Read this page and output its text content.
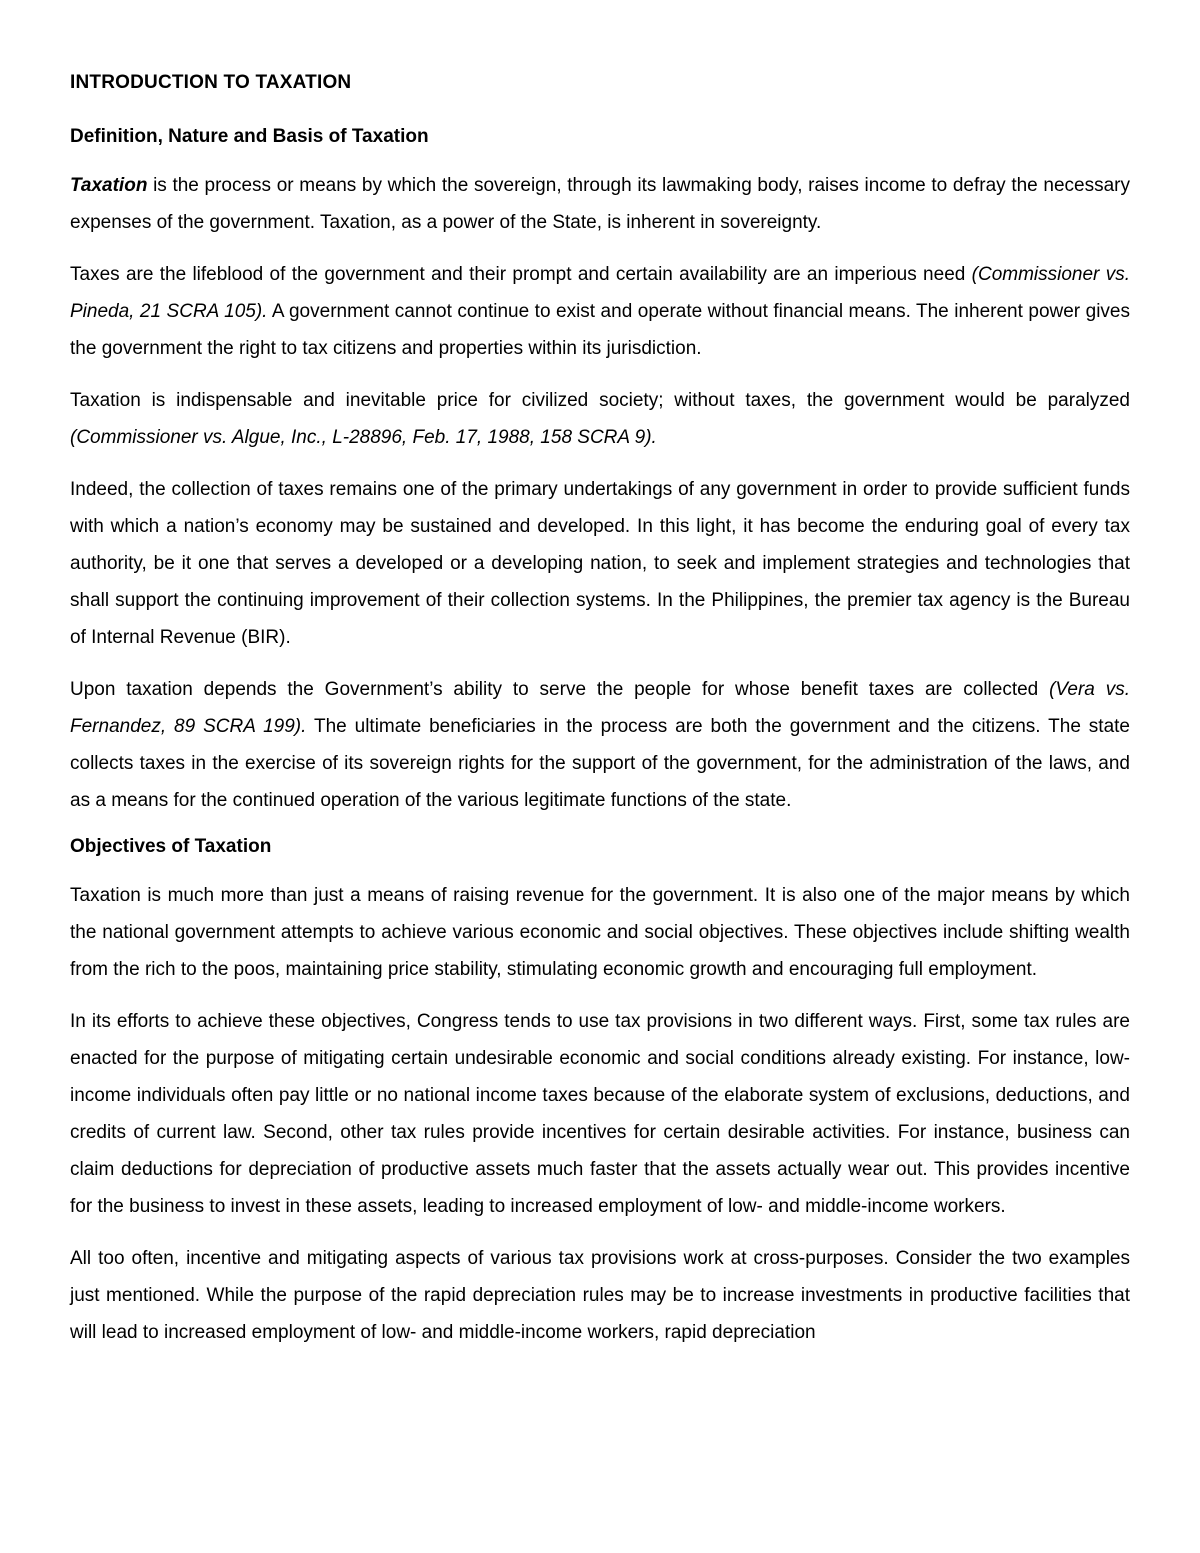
INTRODUCTION TO TAXATION
Definition, Nature and Basis of Taxation

Taxation is the process or means by which the sovereign, through its lawmaking body, raises income to defray the necessary expenses of the government. Taxation, as a power of the State, is inherent in sovereignty.

Taxes are the lifeblood of the government and their prompt and certain availability are an imperious need (Commissioner vs. Pineda, 21 SCRA 105). A government cannot continue to exist and operate without financial means. The inherent power gives the government the right to tax citizens and properties within its jurisdiction.

Taxation is indispensable and inevitable price for civilized society; without taxes, the government would be paralyzed (Commissioner vs. Algue, Inc., L-28896, Feb. 17, 1988, 158 SCRA 9).

Indeed, the collection of taxes remains one of the primary undertakings of any government in order to provide sufficient funds with which a nation’s economy may be sustained and developed. In this light, it has become the enduring goal of every tax authority, be it one that serves a developed or a developing nation, to seek and implement strategies and technologies that shall support the continuing improvement of their collection systems. In the Philippines, the premier tax agency is the Bureau of Internal Revenue (BIR).

Upon taxation depends the Government’s ability to serve the people for whose benefit taxes are collected (Vera vs. Fernandez, 89 SCRA 199). The ultimate beneficiaries in the process are both the government and the citizens. The state collects taxes in the exercise of its sovereign rights for the support of the government, for the administration of the laws, and as a means for the continued operation of the various legitimate functions of the state.

Objectives of Taxation

Taxation is much more than just a means of raising revenue for the government. It is also one of the major means by which the national government attempts to achieve various economic and social objectives. These objectives include shifting wealth from the rich to the poos, maintaining price stability, stimulating economic growth and encouraging full employment.

In its efforts to achieve these objectives, Congress tends to use tax provisions in two different ways. First, some tax rules are enacted for the purpose of mitigating certain undesirable economic and social conditions already existing. For instance, low-income individuals often pay little or no national income taxes because of the elaborate system of exclusions, deductions, and credits of current law. Second, other tax rules provide incentives for certain desirable activities. For instance, business can claim deductions for depreciation of productive assets much faster that the assets actually wear out. This provides incentive for the business to invest in these assets, leading to increased employment of low- and middle-income workers.

All too often, incentive and mitigating aspects of various tax provisions work at cross-purposes. Consider the two examples just mentioned. While the purpose of the rapid depreciation rules may be to increase investments in productive facilities that will lead to increased employment of low- and middle-income workers, rapid depreciation
